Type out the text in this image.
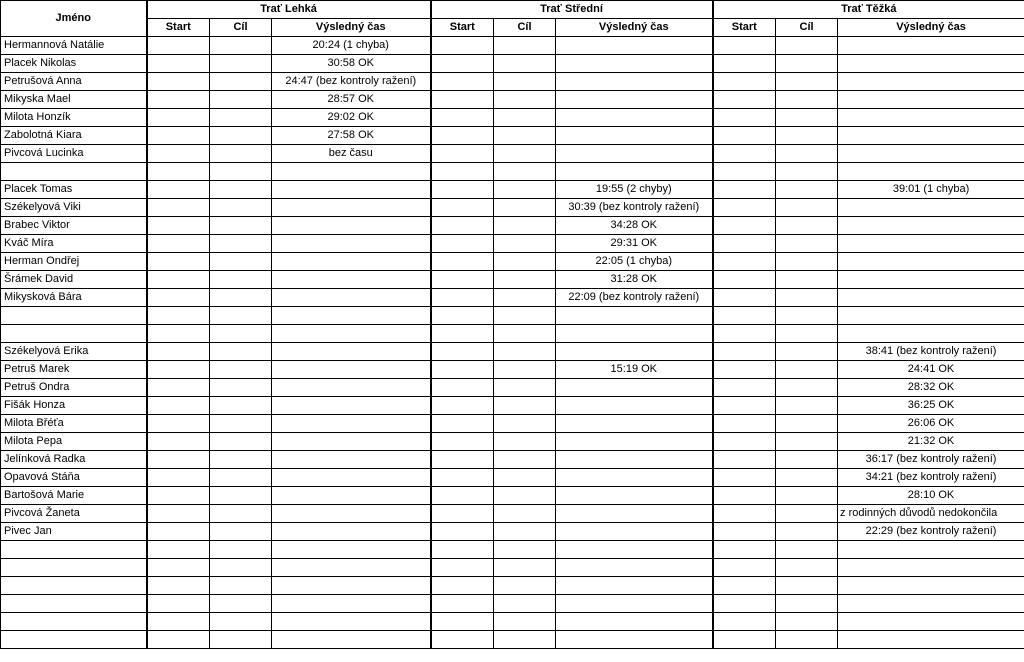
Jméno	Trať Lehká			Trať Střední			Trať Těžká		
	Start	Cíl	Výsledný čas	Start	Cíl	Výsledný čas	Start	Cíl	Výsledný čas
Hermannová Natálie			20:24 (1 chyba)						
Placek Nikolas			30:58 OK						
Petrušová Anna			24:47 (bez kontroly ražení)						
Mikyska Mael			28:57 OK						
Milota Honzík			29:02 OK						
Zabolotná Kiara			27:58 OK						
Pivcová Lucinka			bez času						

Placek Tomas						19:55 (2 chyby)			39:01 (1 chyba)
Székelyová Viki						30:39 (bez kontroly ražení)			
Brabec Viktor						34:28 OK			
Kváč Míra						29:31 OK			
Herman Ondřej						22:05 (1 chyba)			
Šrámek David						31:28 OK			
Mikysková Bára						22:09 (bez kontroly ražení)			

Székelyová Erika									38:41 (bez kontroly ražení)
Petruš Marek						15:19 OK			24:41 OK
Petruš Ondra									28:32 OK
Fišák Honza									36:25 OK
Milota Břéťa									26:06 OK
Milota Pepa									21:32 OK
Jelínková Radka									36:17 (bez kontroly ražení)
Opavová Stáňa									34:21 (bez kontroly ražení)
Bartošová Marie									28:10 OK
Pivcová Žaneta									z rodinných důvodů nedokončila
Pivec Jan									22:29 (bez kontroly ražení)
